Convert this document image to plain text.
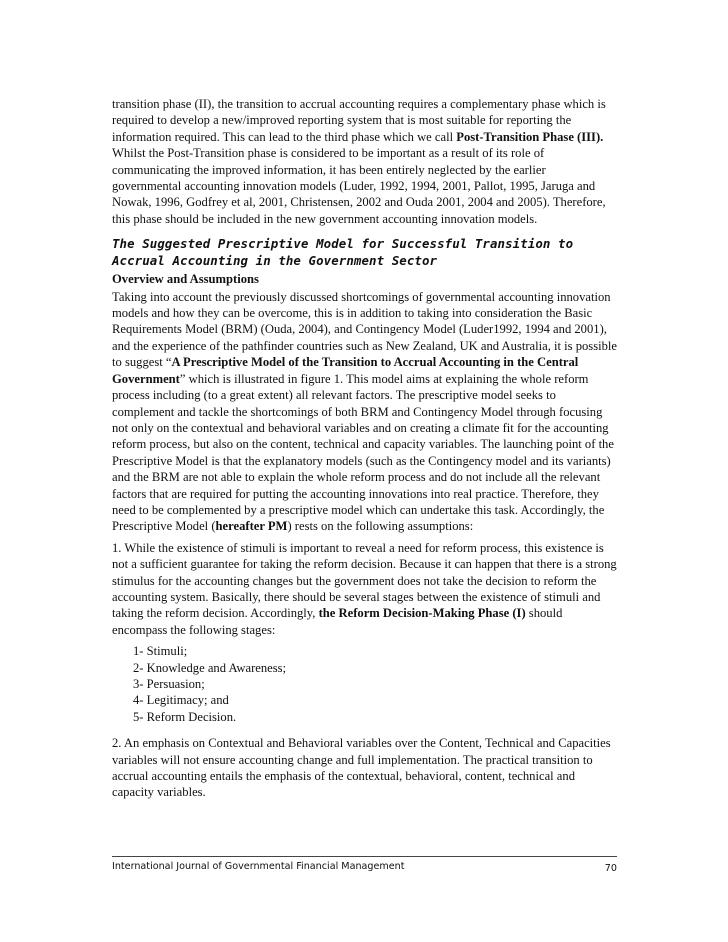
transition phase (II), the transition to accrual accounting requires a complementary phase which is required to develop a new/improved reporting system that is most suitable for reporting the information required. This can lead to the third phase which we call Post-Transition Phase (III). Whilst the Post-Transition phase is considered to be important as a result of its role of communicating the improved information, it has been entirely neglected by the earlier governmental accounting innovation models (Luder, 1992, 1994, 2001, Pallot, 1995, Jaruga and Nowak, 1996, Godfrey et al, 2001, Christensen, 2002 and Ouda 2001, 2004 and 2005). Therefore, this phase should be included in the new government accounting innovation models.

The Suggested Prescriptive Model for Successful Transition to Accrual Accounting in the Government Sector
Overview and Assumptions

Taking into account the previously discussed shortcomings of governmental accounting innovation models and how they can be overcome, this is in addition to taking into consideration the Basic Requirements Model (BRM) (Ouda, 2004), and Contingency Model (Luder1992, 1994 and 2001), and the experience of the pathfinder countries such as New Zealand, UK and Australia, it is possible to suggest “A Prescriptive Model of the Transition to Accrual Accounting in the Central Government” which is illustrated in figure 1. This model aims at explaining the whole reform process including (to a great extent) all relevant factors. The prescriptive model seeks to complement and tackle the shortcomings of both BRM and Contingency Model through focusing not only on the contextual and behavioral variables and on creating a climate fit for the accounting reform process, but also on the content, technical and capacity variables. The launching point of the Prescriptive Model is that the explanatory models (such as the Contingency model and its variants) and the BRM are not able to explain the whole reform process and do not include all the relevant factors that are required for putting the accounting innovations into real practice. Therefore, they need to be complemented by a prescriptive model which can undertake this task. Accordingly, the Prescriptive Model (hereafter PM) rests on the following assumptions:

1. While the existence of stimuli is important to reveal a need for reform process, this existence is not a sufficient guarantee for taking the reform decision. Because it can happen that there is a strong stimulus for the accounting changes but the government does not take the decision to reform the accounting system. Basically, there should be several stages between the existence of stimuli and taking the reform decision. Accordingly, the Reform Decision-Making Phase (I) should encompass the following stages:

1- Stimuli;
2- Knowledge and Awareness;
3- Persuasion;
4- Legitimacy; and
5- Reform Decision.

2. An emphasis on Contextual and Behavioral variables over the Content, Technical and Capacities variables will not ensure accounting change and full implementation. The practical transition to accrual accounting entails the emphasis of the contextual, behavioral, content, technical and capacity variables.

International Journal of Governmental Financial Management	70
